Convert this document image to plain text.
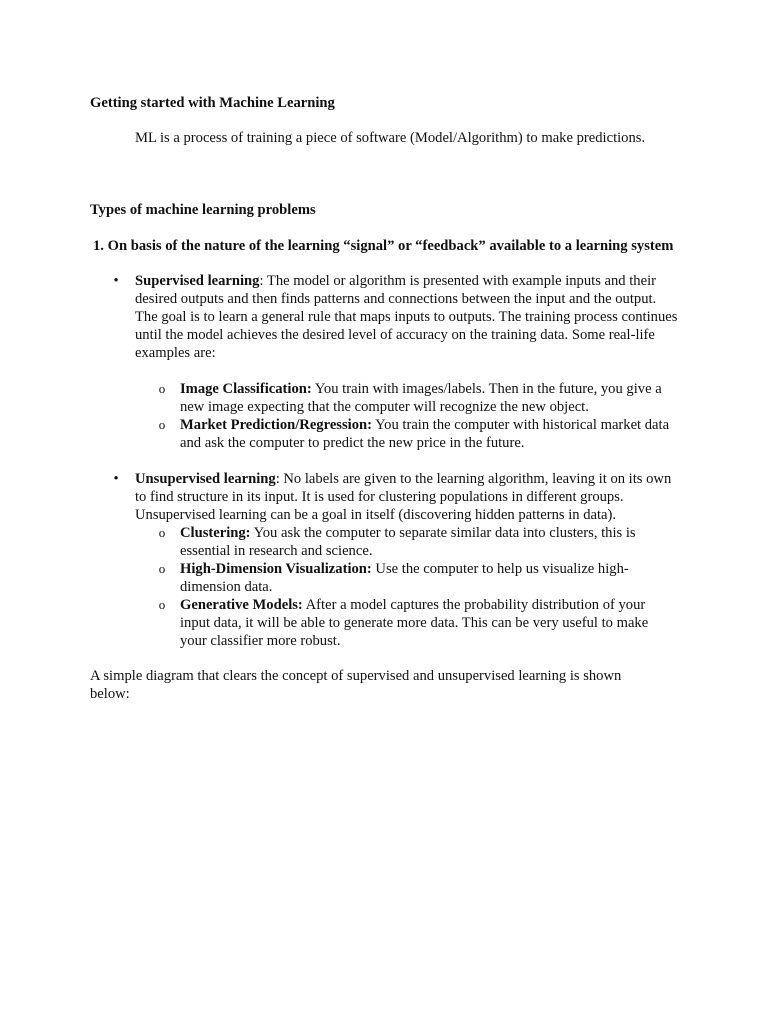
Getting started with Machine Learning
ML is a process of training a piece of software (Model/Algorithm) to make predictions.
Types of machine learning problems
1. On basis of the nature of the learning “signal” or “feedback” available to a learning system
•	Supervised learning: The model or algorithm is presented with example inputs and their desired outputs and then finds patterns and connections between the input and the output. The goal is to learn a general rule that maps inputs to outputs. The training process continues until the model achieves the desired level of accuracy on the training data. Some real-life examples are:
o Image Classification: You train with images/labels. Then in the future, you give a new image expecting that the computer will recognize the new object.
o Market Prediction/Regression: You train the computer with historical market data and ask the computer to predict the new price in the future.
•	Unsupervised learning: No labels are given to the learning algorithm, leaving it on its own to find structure in its input. It is used for clustering populations in different groups. Unsupervised learning can be a goal in itself (discovering hidden patterns in data).
o Clustering: You ask the computer to separate similar data into clusters, this is essential in research and science.
o High-Dimension Visualization: Use the computer to help us visualize high-dimension data.
o Generative Models: After a model captures the probability distribution of your input data, it will be able to generate more data. This can be very useful to make your classifier more robust.
A simple diagram that clears the concept of supervised and unsupervised learning is shown below:
